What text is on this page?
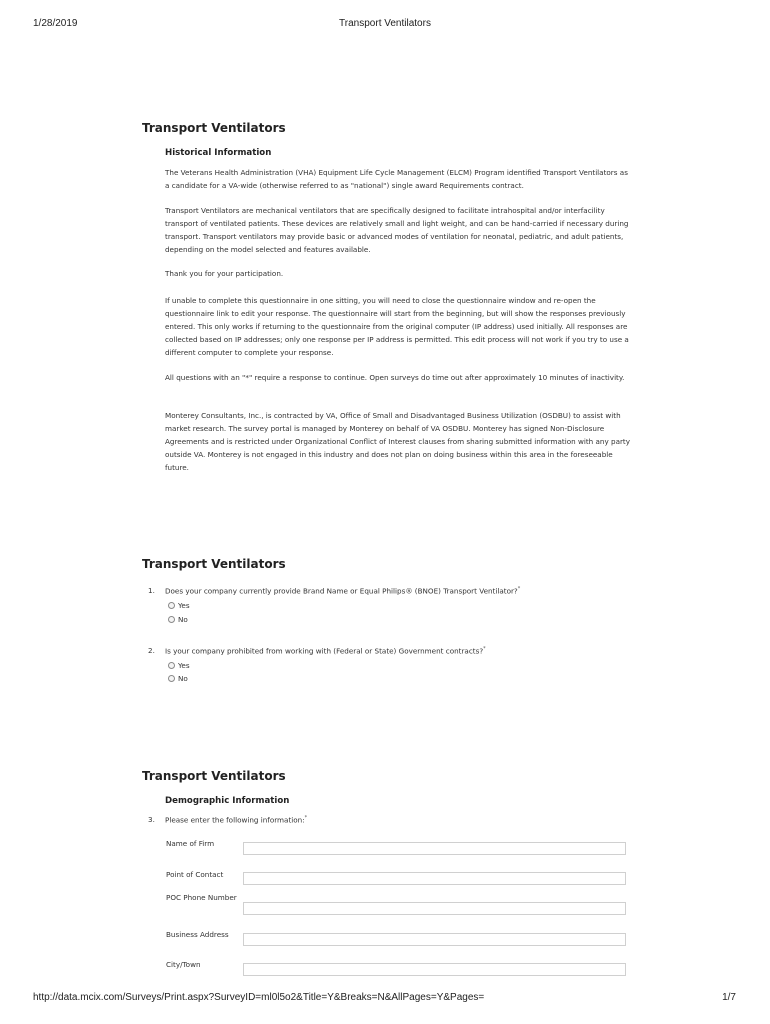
Transport Ventilators
1/28/2019
Transport Ventilators
Historical Information

The Veterans Health Administration (VHA) Equipment Life Cycle Management (ELCM) Program identified Transport Ventilators as a candidate for a VA-wide (otherwise referred to as "national") single award Requirements contract.

Transport Ventilators are mechanical ventilators that are specifically designed to facilitate intrahospital and/or interfacility transport of ventilated patients. These devices are relatively small and light weight, and can be hand-carried if necessary during transport. Transport ventilators may provide basic or advanced modes of ventilation for neonatal, pediatric, and adult patients, depending on the model selected and features available.

Thank you for your participation.

If unable to complete this questionnaire in one sitting, you will need to close the questionnaire window and re-open the questionnaire link to edit your response. The questionnaire will start from the beginning, but will show the responses previously entered. This only works if returning to the questionnaire from the original computer (IP address) used initially. All responses are collected based on IP addresses; only one response per IP address is permitted. This edit process will not work if you try to use a different computer to complete your response.

All questions with an "*" require a response to continue. Open surveys do time out after approximately 10 minutes of inactivity.

Monterey Consultants, Inc., is contracted by VA, Office of Small and Disadvantaged Business Utilization (OSDBU) to assist with market research. The survey portal is managed by Monterey on behalf of VA OSDBU. Monterey has signed Non-Disclosure Agreements and is restricted under Organizational Conflict of Interest clauses from sharing submitted information with any party outside VA. Monterey is not engaged in this industry and does not plan on doing business within this area in the foreseeable future.

Transport Ventilators
1. Does your company currently provide Brand Name or Equal Philips® (BNOE) Transport Ventilator?*
Yes
No
2. Is your company prohibited from working with (Federal or State) Government contracts?*
Yes
No
Transport Ventilators
Demographic Information
3. Please enter the following information:*
Name of Firm
Point of Contact
POC Phone Number
Business Address
City/Town
http://data.mcix.com/Surveys/Print.aspx?SurveyID=ml0l5o2&Title=Y&Breaks=N&AllPages=Y&Pages=	1/7
